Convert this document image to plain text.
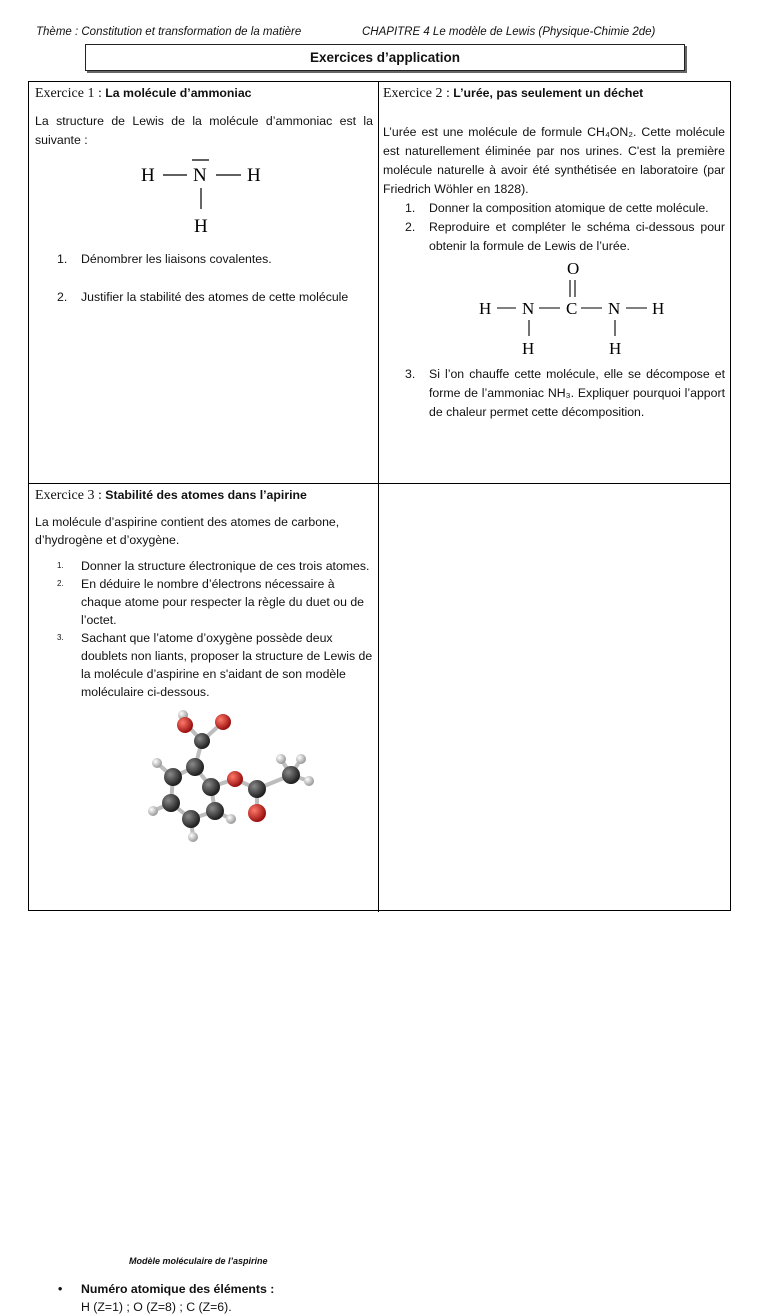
Thème : Constitution et transformation de la matière	CHAPITRE 4 Le modèle de Lewis (Physique-Chimie 2de)
Exercices d’application
Exercice 1 : La molécule d’ammoniac

La structure de Lewis de la molécule d’ammoniac est la suivante :

H N H
H
1. Dénombrer les liaisons covalentes.
2. Justifier la stabilité des atomes de cette molécule
Exercice 2 : L’urée, pas seulement un déchet

L’urée est une molécule de formule CH₄ON₂. Cette molécule est naturellement éliminée par nos urines. C'est la première molécule naturelle à avoir été synthétisée en laboratoire (par Friedrich Wöhler en 1828).

1. Donner la composition atomique de cette molécule.
2. Reproduire et compléter le schéma ci-dessous pour obtenir la formule de Lewis de l’urée.
O
H N C N H
H	H
3. Si l’on chauffe cette molécule, elle se décompose et forme de l’ammoniac NH₃. Expliquer pourquoi l’apport de chaleur permet cette décomposition.
Exercice 3 : Stabilité des atomes dans l’apirine

La molécule d’aspirine contient des atomes de carbone, d’hydrogène et d’oxygène.

1. Donner la structure électronique de ces trois atomes.
2. En déduire le nombre d’électrons nécessaire à chaque atome pour respecter la règle du duet ou de l’octet.
3. Sachant que l’atome d’oxygène possède deux doublets non liants, proposer la structure de Lewis de la molécule d’aspirine en s'aidant de son modèle moléculaire ci-dessous.
Modèle moléculaire de l’aspirine
• Numéro atomique des éléments :
H (Z=1) ; O (Z=8) ; C (Z=6).
